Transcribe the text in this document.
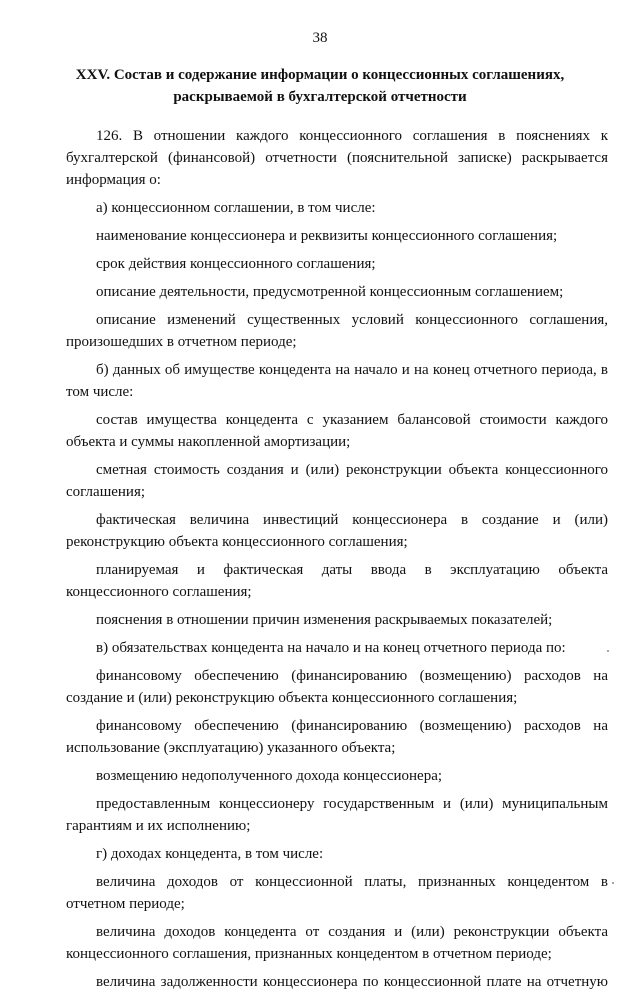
38
XXV. Состав и содержание информации о концессионных соглашениях,
раскрываемой в бухгалтерской отчетности

126. В отношении каждого концессионного соглашения в пояснениях к бухгалтерской (финансовой) отчетности (пояснительной записке) раскрывается информация о:

а) концессионном соглашении, в том числе:

наименование концессионера и реквизиты концессионного соглашения;

срок действия концессионного соглашения;

описание деятельности, предусмотренной концессионным соглашением;

описание изменений существенных условий концессионного соглашения, произошедших в отчетном периоде;

б) данных об имуществе концедента на начало и на конец отчетного периода, в том числе:

состав имущества концедента с указанием балансовой стоимости каждого объекта и суммы накопленной амортизации;

сметная стоимость создания и (или) реконструкции объекта концессионного соглашения;

фактическая величина инвестиций концессионера в создание и (или) реконструкцию объекта концессионного соглашения;

планируемая и фактическая даты ввода в эксплуатацию объекта концессионного соглашения;

пояснения в отношении причин изменения раскрываемых показателей;

в) обязательствах концедента на начало и на конец отчетного периода по:

финансовому обеспечению (финансированию (возмещению) расходов на создание и (или) реконструкцию объекта концессионного соглашения;

финансовому обеспечению (финансированию (возмещению) расходов на использование (эксплуатацию) указанного объекта;

возмещению недополученного дохода концессионера;

предоставленным концессионеру государственным и (или) муниципальным гарантиям и их исполнению;

г) доходах концедента, в том числе:

величина доходов от концессионной платы, признанных концедентом в отчетном периоде;

величина доходов концедента от создания и (или) реконструкции объекта концессионного соглашения, признанных концедентом в отчетном периоде;

величина задолженности концессионера по концессионной плате на отчетную
